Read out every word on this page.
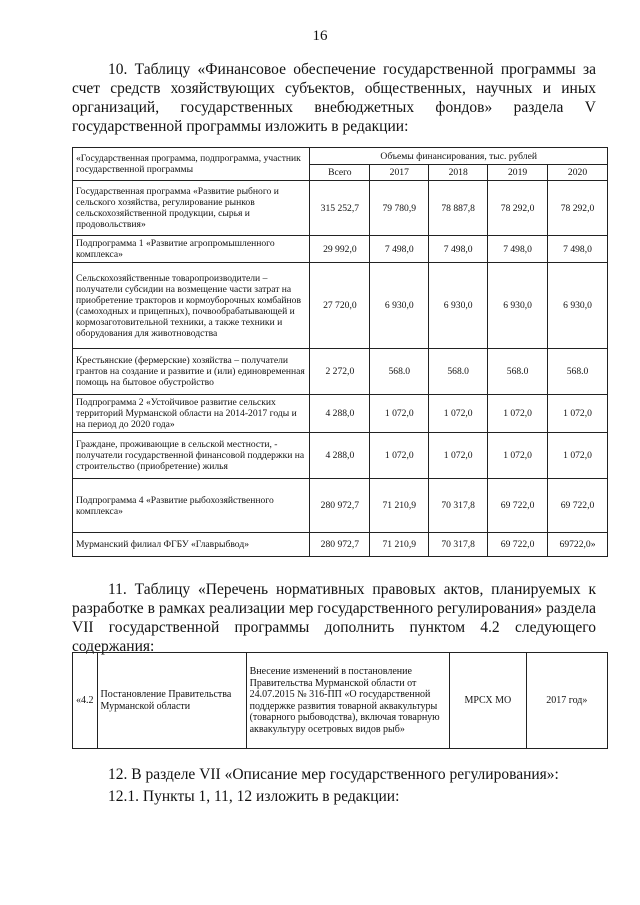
16
10. Таблицу «Финансовое обеспечение государственной программы за счет средств хозяйствующих субъектов, общественных, научных и иных организаций, государственных внебюджетных фондов» раздела V государственной программы изложить в редакции:
«Государственная программа, подпрограмма, участник государственной программы	Объемы финансирования, тыс. рублей				
	Всего	2017	2018	2019	2020
Государственная программа «Развитие рыбного и сельского хозяйства, регулирование рынков сельскохозяйственной продукции, сырья и продовольствия»	315 252,7	79 780,9	78 887,8	78 292,0	78 292,0
Подпрограмма 1 «Развитие агропромышленного комплекса»	29 992,0	7 498,0	7 498,0	7 498,0	7 498,0
Сельскохозяйственные товаропроизводители – получатели субсидии на возмещение части затрат на приобретение тракторов и кормоуборочных комбайнов (самоходных и прицепных), почвообрабатывающей и кормозаготовительной техники, а также техники и оборудования для животноводства	27 720,0	6 930,0	6 930,0	6 930,0	6 930,0
Крестьянские (фермерские) хозяйства – получатели грантов на создание и развитие и (или) единовременная помощь на бытовое обустройство	2 272,0	568.0	568.0	568.0	568.0
Подпрограмма 2 «Устойчивое развитие сельских территорий Мурманской области на 2014-2017 годы и на период до 2020 года»	4 288,0	1 072,0	1 072,0	1 072,0	1 072,0
Граждане, проживающие в сельской местности, - получатели государственной финансовой поддержки на строительство (приобретение) жилья	4 288,0	1 072,0	1 072,0	1 072,0	1 072,0
Подпрограмма 4 «Развитие рыбохозяйственного комплекса»	280 972,7	71 210,9	70 317,8	69 722,0	69 722,0
Мурманский филиал ФГБУ «Главрыбвод»	280 972,7	71 210,9	70 317,8	69 722,0	69722,0»
11. Таблицу «Перечень нормативных правовых актов, планируемых к разработке в рамках реализации мер государственного регулирования» раздела VII государственной программы дополнить пунктом 4.2 следующего содержания:
«4.2	Постановление Правительства Мурманской области	Внесение изменений в постановление Правительства Мурманской области от 24.07.2015 № 316-ПП «О государственной поддержке развития товарной аквакультуры (товарного рыбоводства), включая товарную аквакультуру осетровых видов рыб»	МРСХ МО	2017 год»
12. В разделе VII «Описание мер государственного регулирования»:
12.1. Пункты 1, 11, 12 изложить в редакции:
